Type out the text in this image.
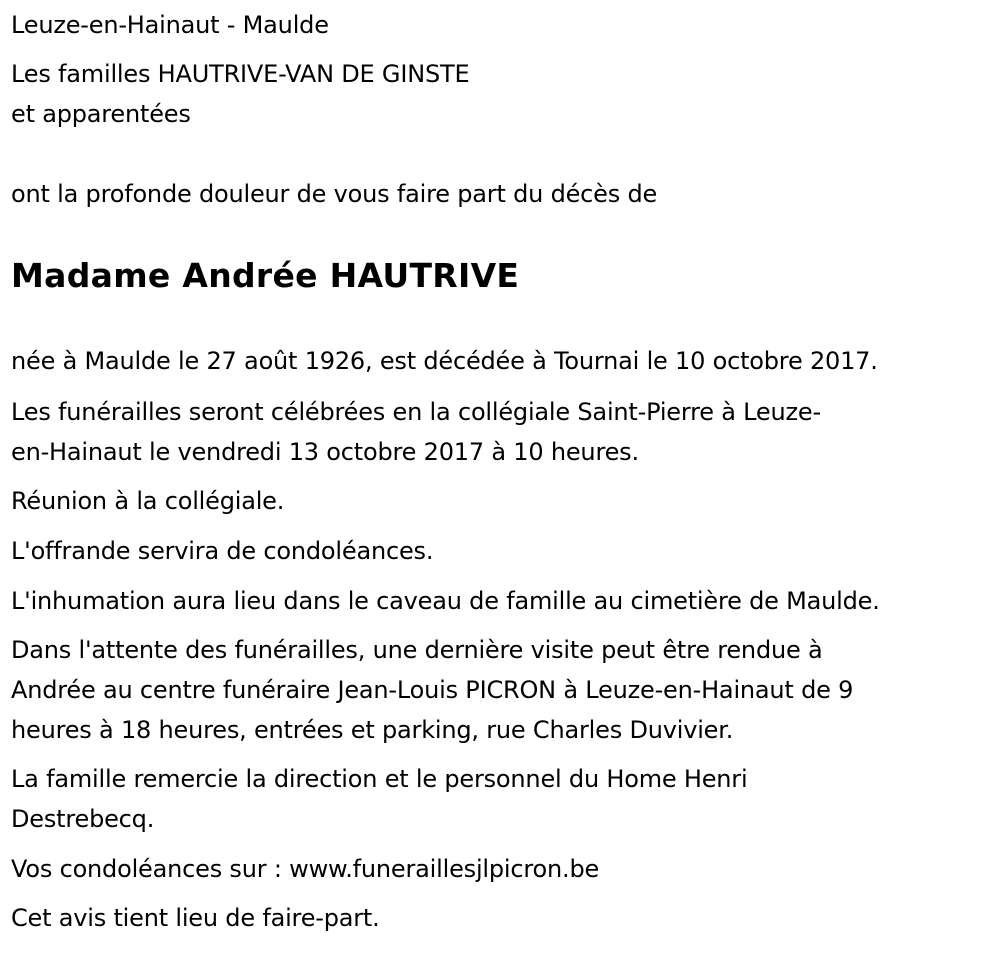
Leuze-en-Hainaut - Maulde
Les familles HAUTRIVE-VAN DE GINSTE
et apparentées
ont la profonde douleur de vous faire part du décès de
Madame Andrée HAUTRIVE
née à Maulde le 27 août 1926, est décédée à Tournai le 10 octobre 2017.
Les funérailles seront célébrées en la collégiale Saint-Pierre à Leuze-
en-Hainaut le vendredi 13 octobre 2017 à 10 heures.
Réunion à la collégiale.
L'offrande servira de condoléances.
L'inhumation aura lieu dans le caveau de famille au cimetière de Maulde.
Dans l'attente des funérailles, une dernière visite peut être rendue à
Andrée au centre funéraire Jean-Louis PICRON à Leuze-en-Hainaut de 9
heures à 18 heures, entrées et parking, rue Charles Duvivier.
La famille remercie la direction et le personnel du Home Henri
Destrebecq.
Vos condoléances sur : www.funeraillesjlpicron.be
Cet avis tient lieu de faire-part.
